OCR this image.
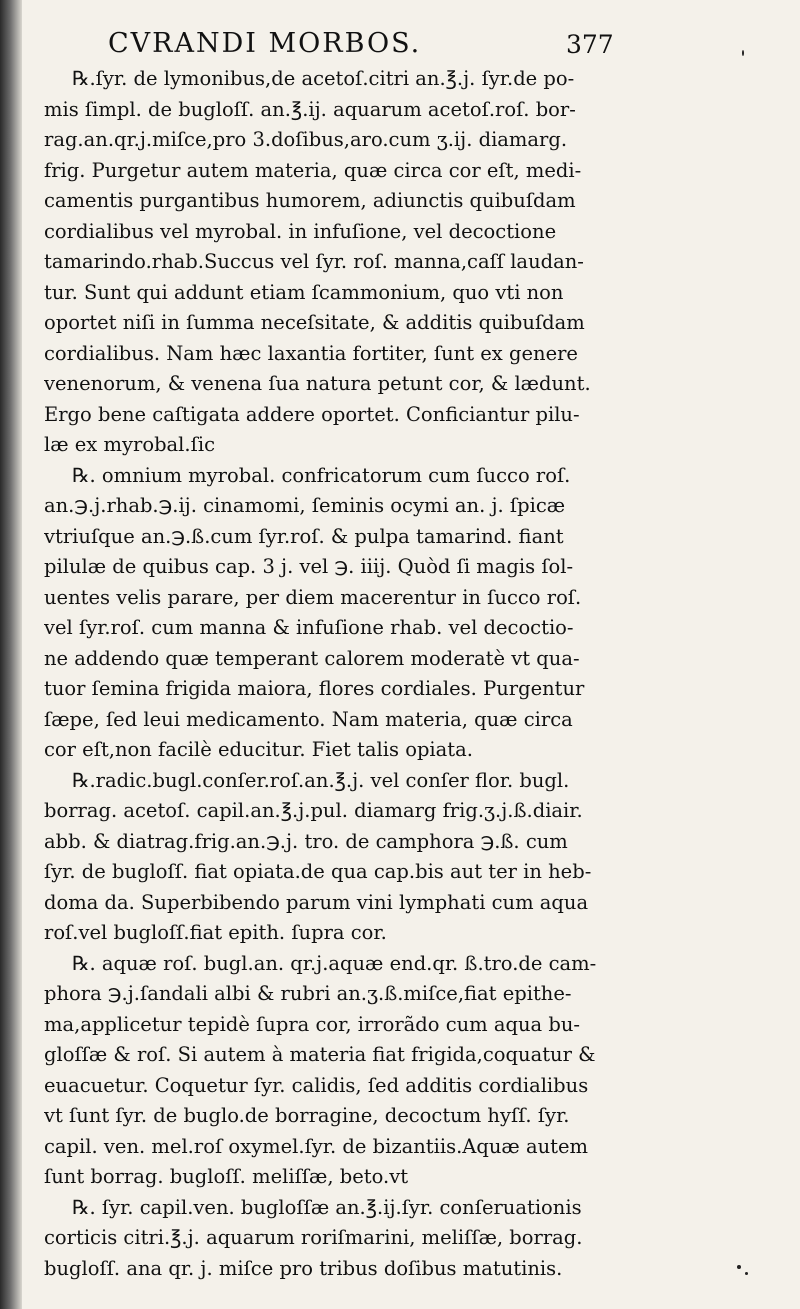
CVRANDI MORBOS.	377
℞.ſyr. de lymonibus,de acetoſ.citri an.℥.j. ſyr.de po-
mis ſimpl. de bugloſſ. an.℥.ij. aquarum acetoſ.roſ. bor-
rag.an.qr.j.miſce,pro 3.doſibus,aro.cum ʒ.ij. diamarg.
frig. Purgetur autem materia, quæ circa cor eſt, medi-
camentis purgantibus humorem, adiunctis quibuſdam
cordialibus vel myrobal. in infuſione, vel decoctione
tamarindo.rhab.Succus vel ſyr. roſ. manna,caſſ laudan-
tur. Sunt qui addunt etiam ſcammonium, quo vti non
oportet niſi in ſumma neceſsitate, & additis quibuſdam
cordialibus. Nam hæc laxantia fortiter, ſunt ex genere
venenorum, & venena ſua natura petunt cor, & lædunt.
Ergo bene caſtigata addere oportet. Conficiantur pilu-
læ ex myrobal.ſic
℞. omnium myrobal. confricatorum cum ſucco roſ.
an.℈.j.rhab.℈.ij. cinamomi, ſeminis ocymi an. j. ſpicæ
vtriuſque an.℈.ß.cum ſyr.roſ. & pulpa tamarind. fiant
pilulæ de quibus cap. 3 j. vel ℈. iiij. Quòd ſi magis ſol-
uentes velis parare, per diem macerentur in ſucco roſ.
vel ſyr.roſ. cum manna & infuſione rhab. vel decoctio-
ne addendo quæ temperant calorem moderatè vt qua-
tuor ſemina frigida maiora, flores cordiales. Purgentur
ſæpe, ſed leui medicamento. Nam materia, quæ circa
cor eſt,non facilè educitur. Fiet talis opiata.
℞.radic.bugl.conſer.roſ.an.℥.j. vel conſer flor. bugl.
borrag. acetoſ. capil.an.℥.j.pul. diamarg frig.ʒ.j.ß.diair.
abb. & diatrag.frig.an.℈.j. tro. de camphora ℈.ß. cum
ſyr. de bugloſſ. fiat opiata.de qua cap.bis aut ter in heb-
doma da. Superbibendo parum vini lymphati cum aqua
roſ.vel bugloſſ.fiat epith. ſupra cor.
℞. aquæ roſ. bugl.an. qr.j.aquæ end.qr. ß.tro.de cam-
phora ℈.j.ſandali albi & rubri an.ʒ.ß.miſce,fiat epithe-
ma,applicetur tepidè ſupra cor, irrorãdo cum aqua bu-
gloſſæ & roſ. Si autem à materia fiat frigida,coquatur &
euacuetur. Coquetur ſyr. calidis, ſed additis cordialibus
vt ſunt ſyr. de buglo.de borragine, decoctum hyſſ. ſyr.
capil. ven. mel.roſ oxymel.ſyr. de bizantiis.Aquæ autem
ſunt borrag. bugloſſ. meliſſæ, beto.vt
℞. ſyr. capil.ven. bugloſſæ an.℥.ij.ſyr. conſeruationis
corticis citri.℥.j. aquarum roriſmarini, meliſſæ, borrag.
bugloſſ. ana qr. j. miſce pro tribus doſibus matutinis.
